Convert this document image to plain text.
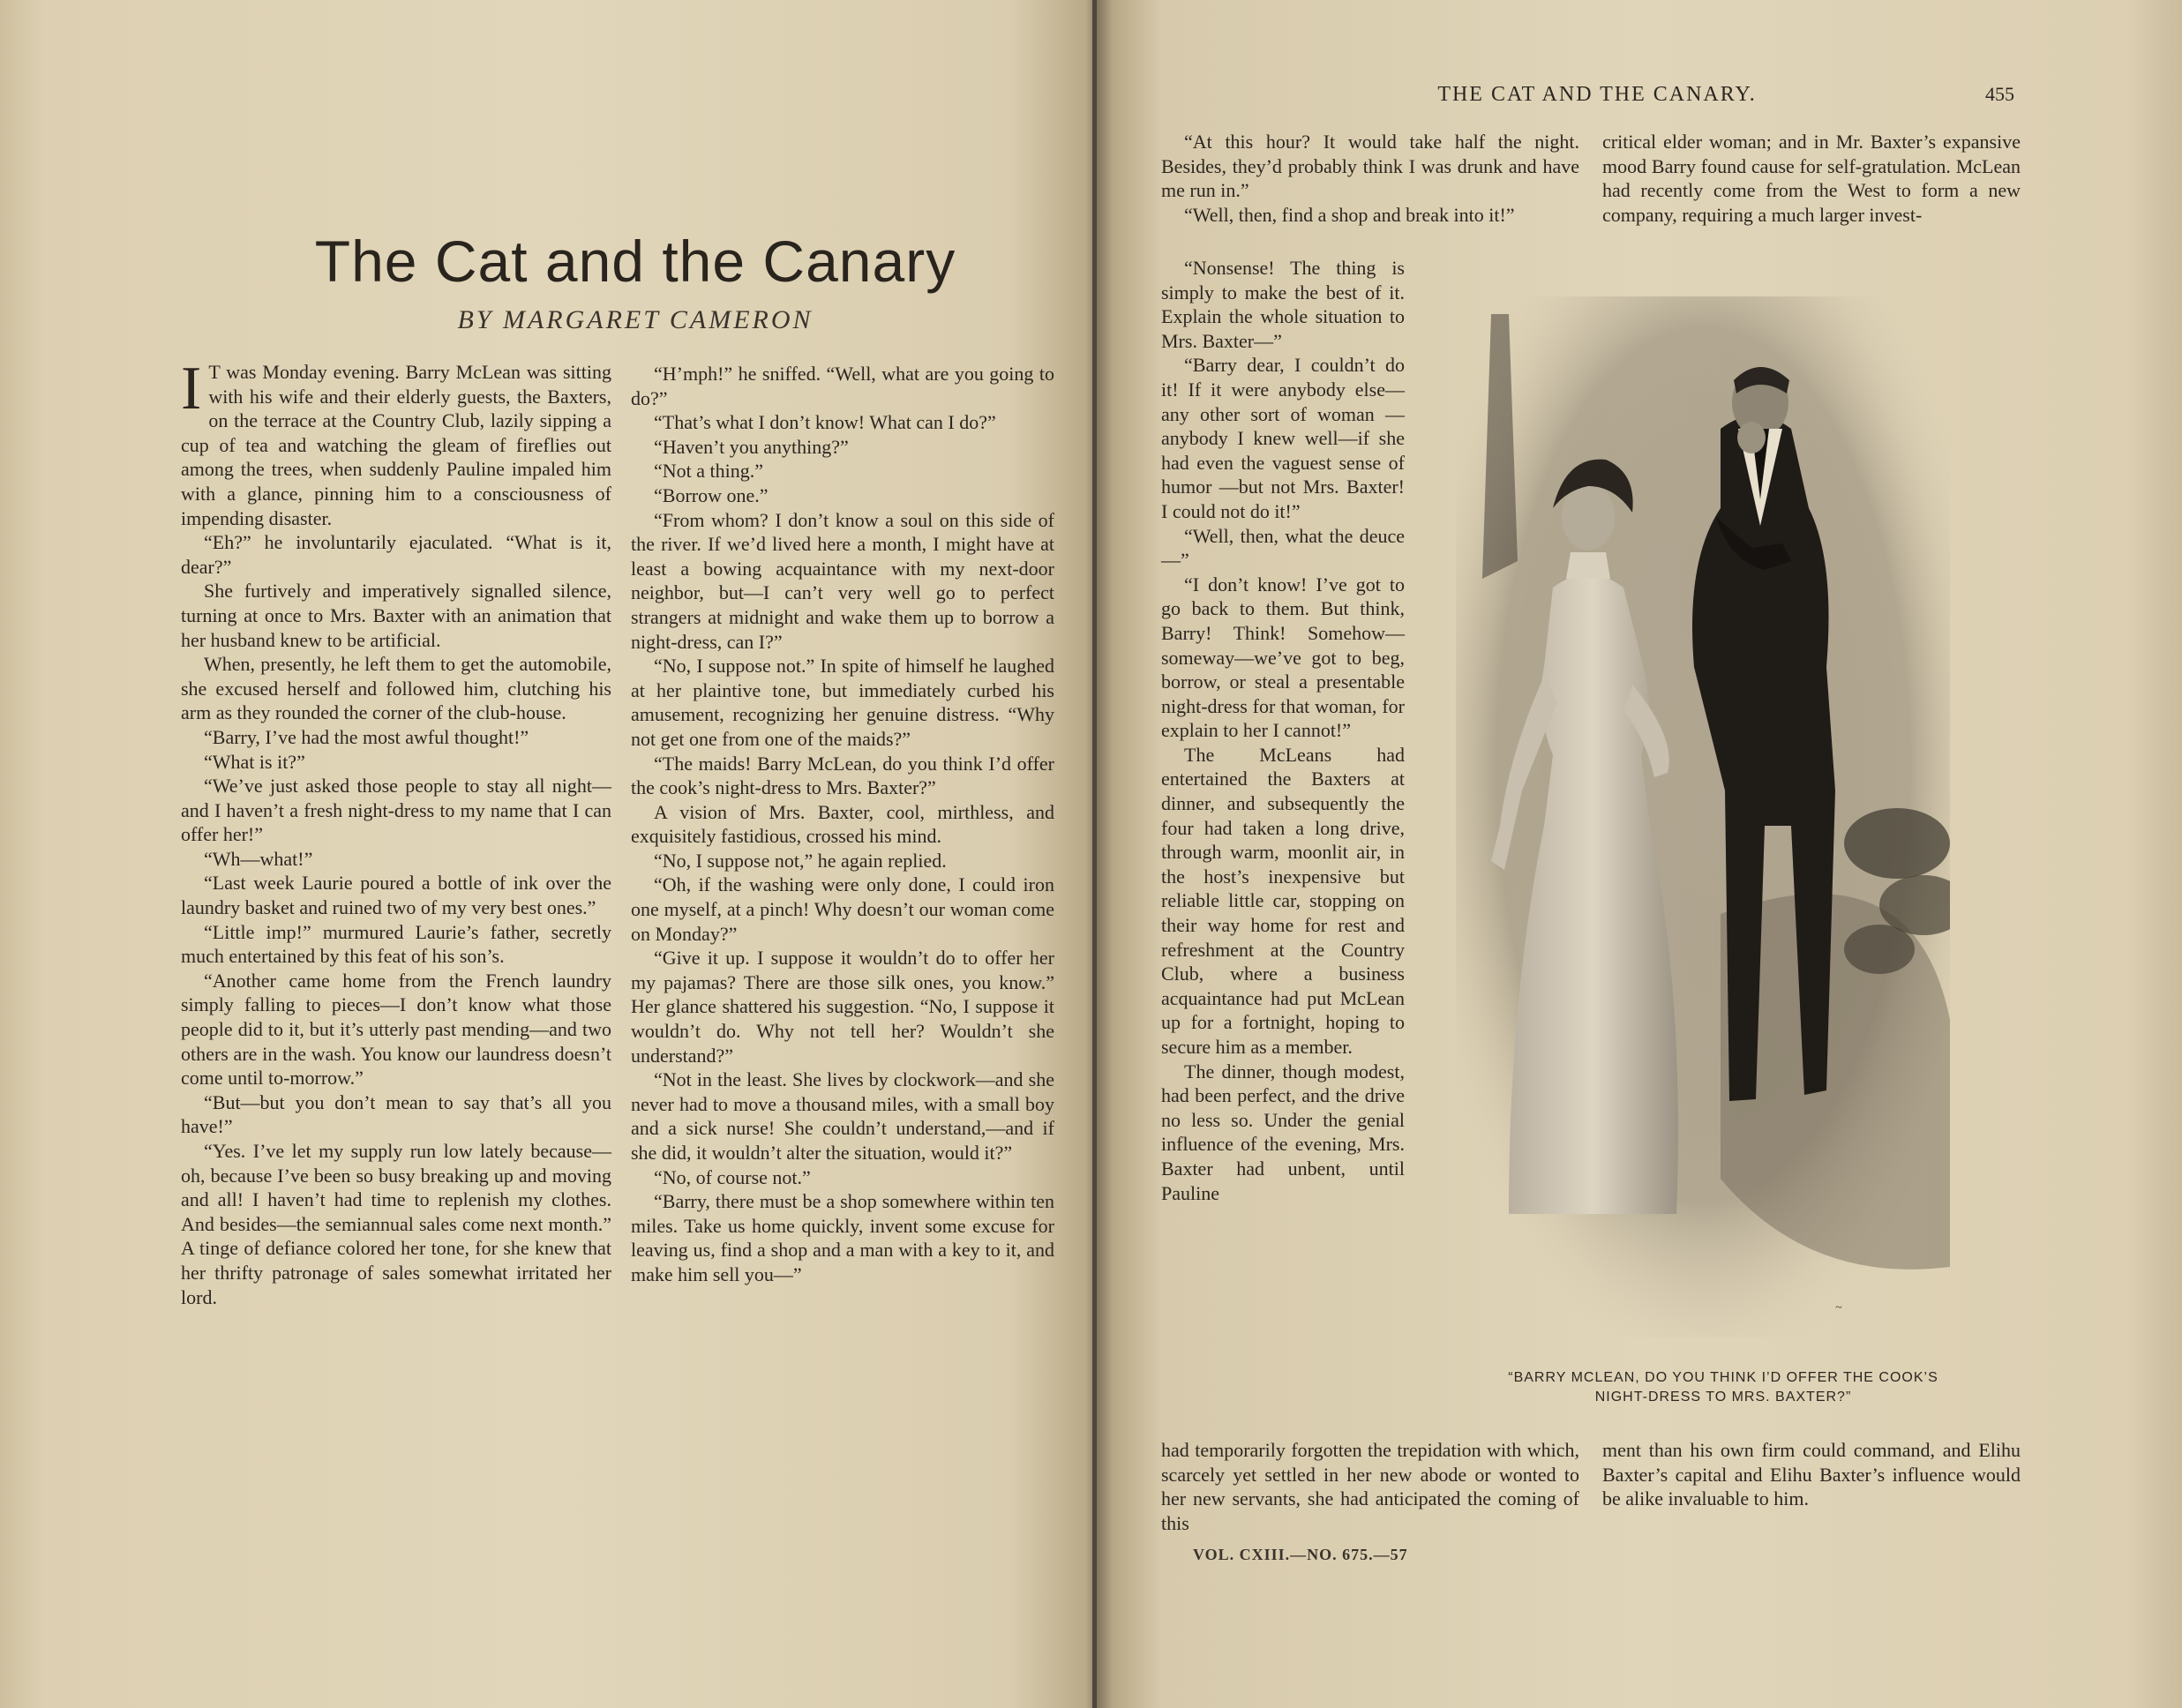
The Cat and the Canary
BY MARGARET CAMERON

I T was Monday evening. Barry McLean was sitting with his wife and their elderly guests, the Baxters, on the terrace at the Country Club, lazily sipping a cup of tea and watching the gleam of fireflies out among the trees, when suddenly Pauline impaled him with a glance, pinning him to a consciousness of impending disaster.

“Eh?” he involuntarily ejaculated. “What is it, dear?”

She furtively and imperatively signalled silence, turning at once to Mrs. Baxter with an animation that her husband knew to be artificial.

When, presently, he left them to get the automobile, she excused herself and followed him, clutching his arm as they rounded the corner of the club-house.

“Barry, I’ve had the most awful thought!”

“What is it?”

“We’ve just asked those people to stay all night—and I haven’t a fresh night-dress to my name that I can offer her!”

“Wh—what!”

“Last week Laurie poured a bottle of ink over the laundry basket and ruined two of my very best ones.”

“Little imp!” murmured Laurie’s father, secretly much entertained by this feat of his son’s.

“Another came home from the French laundry simply falling to pieces—I don’t know what those people did to it, but it’s utterly past mending—and two others are in the wash. You know our laundress doesn’t come until to-morrow.”

“But—but you don’t mean to say that’s all you have!”

“Yes. I’ve let my supply run low lately because—oh, because I’ve been so busy breaking up and moving and all! I haven’t had time to replenish my clothes. And besides—the semiannual sales come next month.” A tinge of defiance colored her tone, for she knew that her thrifty patronage of sales somewhat irritated her lord.

“H’mph!” he sniffed. “Well, what are you going to do?”

“That’s what I don’t know! What can I do?”

“Haven’t you anything?”

“Not a thing.”

“Borrow one.”

“From whom? I don’t know a soul on this side of the river. If we’d lived here a month, I might have at least a bowing acquaintance with my next-door neighbor, but—I can’t very well go to perfect strangers at midnight and wake them up to borrow a night-dress, can I?”

“No, I suppose not.” In spite of himself he laughed at her plaintive tone, but immediately curbed his amusement, recognizing her genuine distress. “Why not get one from one of the maids?”

“The maids! Barry McLean, do you think I’d offer the cook’s night-dress to Mrs. Baxter?”

A vision of Mrs. Baxter, cool, mirthless, and exquisitely fastidious, crossed his mind.

“No, I suppose not,” he again replied.

“Oh, if the washing were only done, I could iron one myself, at a pinch! Why doesn’t our woman come on Monday?”

“Give it up. I suppose it wouldn’t do to offer her my pajamas? There are those silk ones, you know.” Her glance shattered his suggestion. “No, I suppose it wouldn’t do. Why not tell her? Wouldn’t she understand?”

“Not in the least. She lives by clockwork—and she never had to move a thousand miles, with a small boy and a sick nurse! She couldn’t understand,—and if she did, it wouldn’t alter the situation, would it?”

“No, of course not.”

“Barry, there must be a shop somewhere within ten miles. Take us home quickly, invent some excuse for leaving us, find a shop and a man with a key to it, and make him sell you—”

THE CAT AND THE CANARY.	455

“At this hour? It would take half the night. Besides, they’d probably think I was drunk and have me run in.”

“Well, then, find a shop and break into it!”

“Nonsense! The thing is simply to make the best of it. Explain the whole situation to Mrs. Baxter—”

“Barry dear, I couldn’t do it! If it were anybody else—any other sort of woman — anybody I knew well—if she had even the vaguest sense of humor —but not Mrs. Baxter! I could not do it!”

“Well, then, what the deuce—”

“I don’t know! I’ve got to go back to them. But think, Barry! Think! Somehow—someway—we’ve got to beg, borrow, or steal a presentable night-dress for that woman, for explain to her I cannot!”

The McLeans had entertained the Baxters at dinner, and subsequently the four had taken a long drive, through warm, moonlit air, in the host’s inexpensive but reliable little car, stopping on their way home for rest and refreshment at the Country Club, where a business acquaintance had put McLean up for a fortnight, hoping to secure him as a member.

The dinner, though modest, had been perfect, and the drive no less so. Under the genial influence of the evening, Mrs. Baxter had unbent, until Pauline

had temporarily forgotten the trepidation with which, scarcely yet settled in her new abode or wonted to her new servants, she had anticipated the coming of this

critical elder woman; and in Mr. Baxter’s expansive mood Barry found cause for self-gratulation. McLean had recently come from the West to form a new company, requiring a much larger invest-

ment than his own firm could command, and Elihu Baxter’s capital and Elihu Baxter’s influence would be alike invaluable to him.

~
“BARRY MCLEAN, DO YOU THINK I’D OFFER THE COOK’S
NIGHT-DRESS TO MRS. BAXTER?”
VOL. CXIII.—NO. 675.—57
